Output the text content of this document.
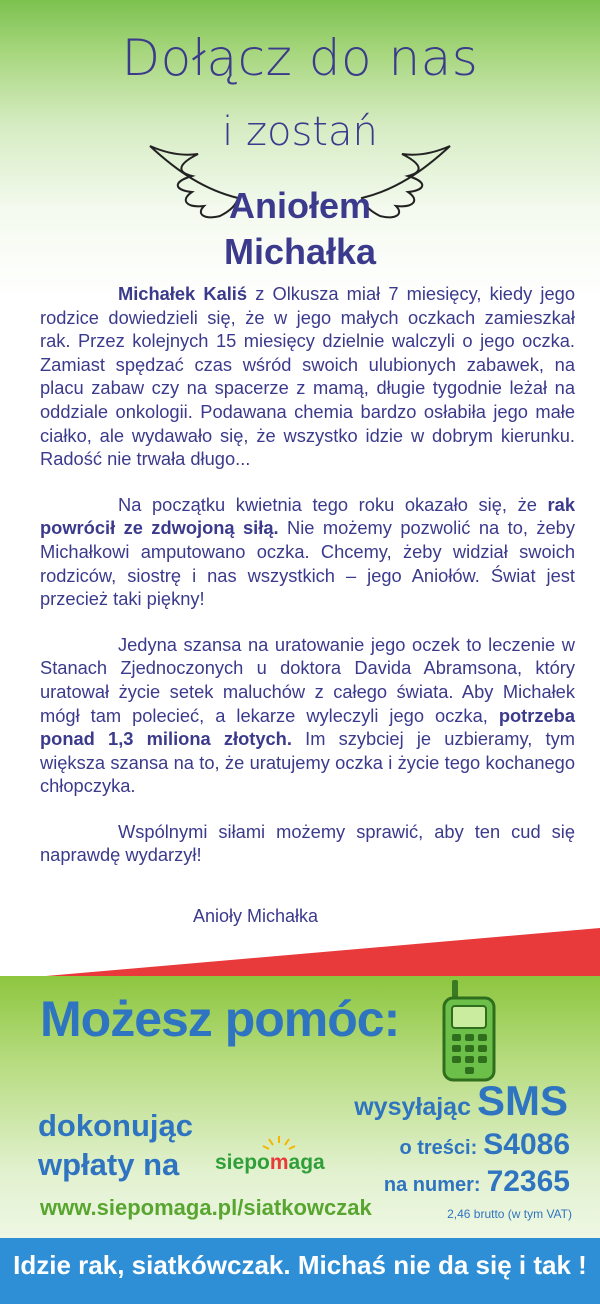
Dołącz do nas
i zostań
Aniołem
Michałka

Michałek Kaliś z Olkusza miał 7 miesięcy, kiedy jego rodzice dowiedzieli się, że w jego małych oczkach zamieszkał rak. Przez kolejnych 15 miesięcy dzielnie walczyli o jego oczka. Zamiast spędzać czas wśród swoich ulubionych zabawek, na placu zabaw czy na spacerze z mamą, długie tygodnie leżał na oddziale onkologii. Podawana chemia bardzo osłabiła jego małe ciałko, ale wydawało się, że wszystko idzie w dobrym kierunku. Radość nie trwała długo...

Na początku kwietnia tego roku okazało się, że rak powrócił ze zdwojoną siłą. Nie możemy pozwolić na to, żeby Michałkowi amputowano oczka. Chcemy, żeby widział swoich rodziców, siostrę i nas wszystkich – jego Aniołów. Świat jest przecież taki piękny!

Jedyna szansa na uratowanie jego oczek to leczenie w Stanach Zjednoczonych u doktora Davida Abramsona, który uratował życie setek maluchów z całego świata. Aby Michałek mógł tam polecieć, a lekarze wyleczyli jego oczka, potrzeba ponad 1,3 miliona złotych. Im szybciej je uzbieramy, tym większa szansa na to, że uratujemy oczka i życie tego kochanego chłopczyka.

Wspólnymi siłami możemy sprawić, aby ten cud się naprawdę wydarzył!

Anioły Michałka
Możesz pomóc:
dokonując
wpłaty na siepomaga
www.siepomaga.pl/siatkowczak
wysyłając SMS
o treści: S4086
na numer: 72365
2,46 brutto (w tym VAT)
Idzie rak, siatkówczak. Michaś nie da się i tak !
